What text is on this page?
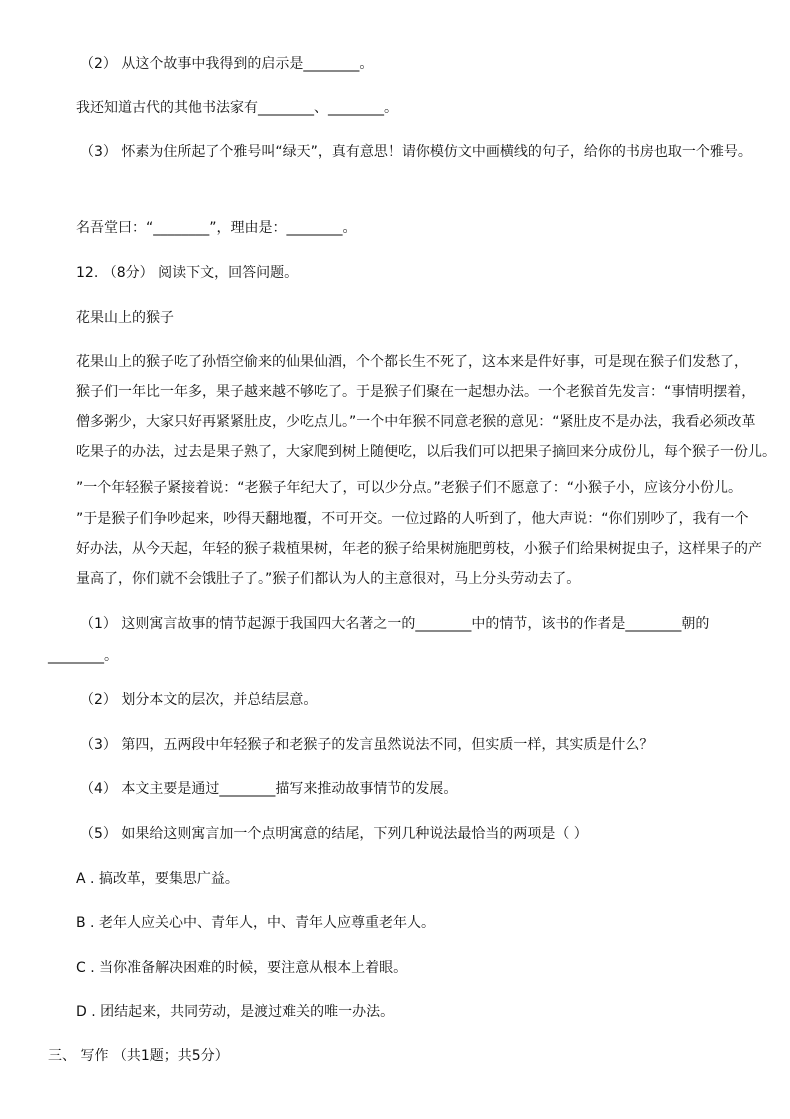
（2） 从这个故事中我得到的启示是________。
我还知道古代的其他书法家有________、________。
（3） 怀素为住所起了个雅号叫“绿天”，真有意思！请你模仿文中画横线的句子，给你的书房也取一个雅号。
名吾堂曰：“________”，理由是：________。
12. （8分） 阅读下文，回答问题。
花果山上的猴子
花果山上的猴子吃了孙悟空偷来的仙果仙酒，个个都长生不死了，这本来是件好事，可是现在猴子们发愁了，
猴子们一年比一年多，果子越来越不够吃了。于是猴子们聚在一起想办法。一个老猴首先发言：“事情明摆着，
僧多粥少，大家只好再紧紧肚皮，少吃点儿。”一个中年猴不同意老猴的意见：“紧肚皮不是办法，我看必须改革
吃果子的办法，过去是果子熟了，大家爬到树上随便吃，以后我们可以把果子摘回来分成份儿，每个猴子一份儿。
”一个年轻猴子紧接着说：“老猴子年纪大了，可以少分点。”老猴子们不愿意了：“小猴子小，应该分小份儿。
”于是猴子们争吵起来，吵得天翻地覆，不可开交。一位过路的人听到了，他大声说：“你们别吵了，我有一个
好办法，从今天起，年轻的猴子栽植果树，年老的猴子给果树施肥剪枝，小猴子们给果树捉虫子，这样果子的产
量高了，你们就不会饿肚子了。”猴子们都认为人的主意很对，马上分头劳动去了。
（1） 这则寓言故事的情节起源于我国四大名著之一的________中的情节，该书的作者是________朝的
________。
（2） 划分本文的层次，并总结层意。
（3） 第四，五两段中年轻猴子和老猴子的发言虽然说法不同，但实质一样，其实质是什么？
（4） 本文主要是通过________描写来推动故事情节的发展。
（5） 如果给这则寓言加一个点明寓意的结尾，下列几种说法最恰当的两项是（ ）
A . 搞改革，要集思广益。
B . 老年人应关心中、青年人，中、青年人应尊重老年人。
C . 当你准备解决困难的时候，要注意从根本上着眼。
D . 团结起来，共同劳动，是渡过难关的唯一办法。
三、 写作 （共1题；共5分）
